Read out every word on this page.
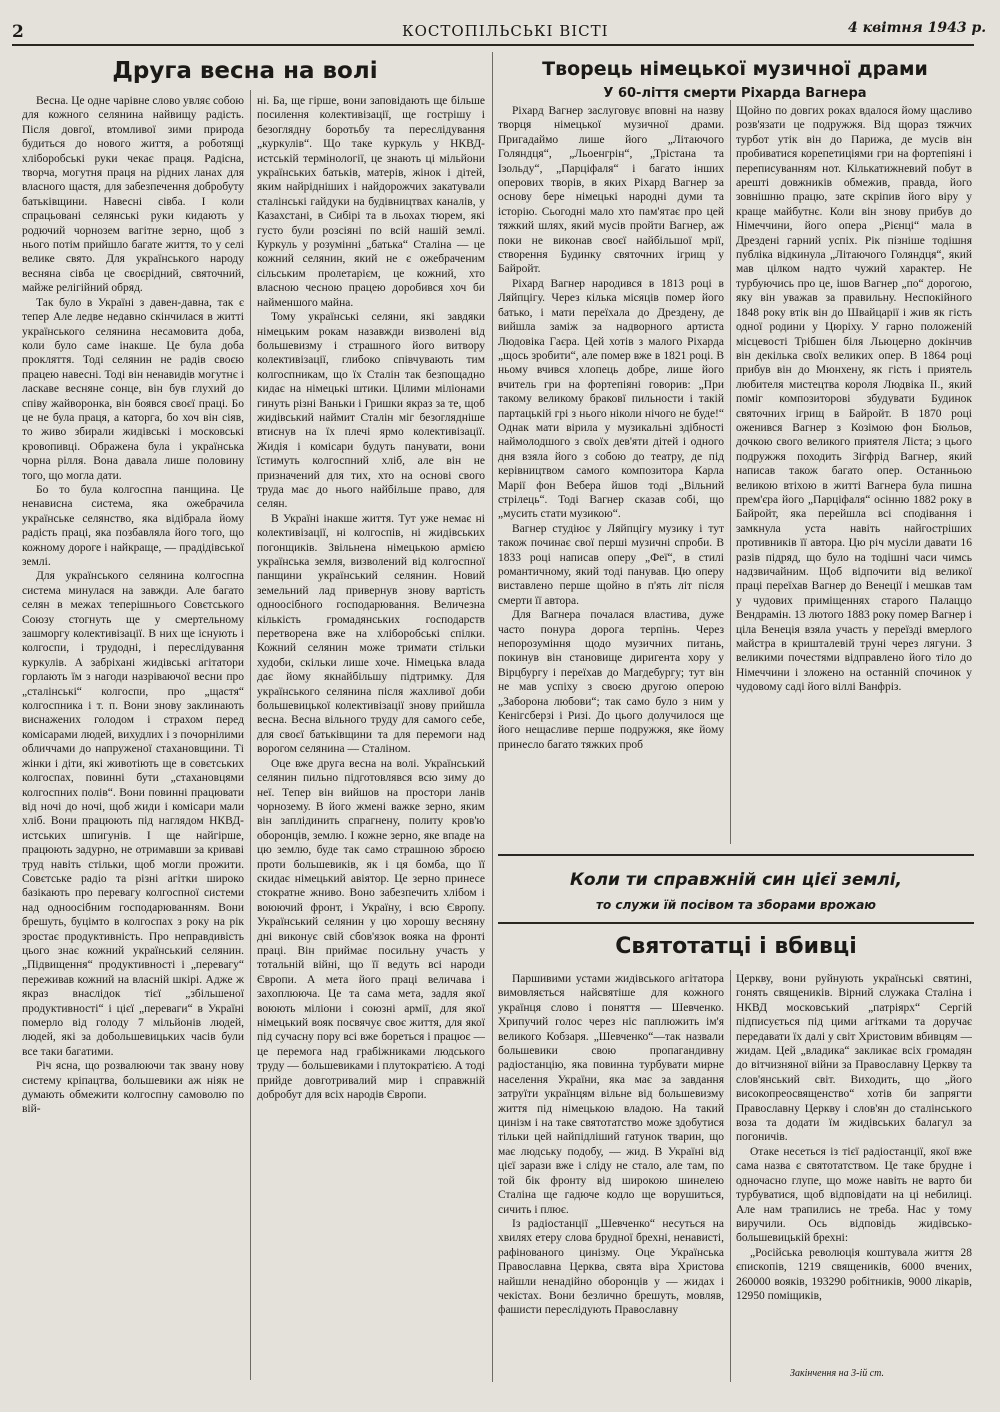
2	КОСТОПІЛЬСЬКІ ВІСТІ	4 квітня 1943 р.
Друга весна на волі

Весна. Це одне чарівне слово увляє собою для кожного селянина найвищу радість. Після довгої, втомливої зими природа будиться до нового життя, а роботящі хліборобські руки чекає праця. Радісна, творча, могутня праця на рідних ланах для власного щастя, для забезпечення добробуту батьківщини. Навесні сівба. І коли спрацьовані селянські руки кидають у родючий чорнозем вагітне зерно, щоб з нього потім прийшло багате життя, то у селі велике свято. Для українського народу весняна сівба це своєрідний, святочний, майже релігійний обряд.

Так було в Україні з давен-давна, так є тепер Але ледве недавно скінчилася в житті українського селянина несамовита доба, коли було саме інакше. Це була доба прокляття. Тоді селянин не радів своєю працею навесні. Тоді він ненавидів могутнє і ласкаве весняне сонце, він був глухий до співу жайворонка, він боявся своєї праці. Бо це не була праця, а каторга, бо хоч він сіяв, то живо збирали жидівські і московські кровопивці. Ображена була і українська чорна рілля. Вона давала лише половину того, що могла дати.

Бо то була колгоспна панщина. Це ненависна система, яка ожебрачила українське селянство, яка відібрала йому радість праці, яка позбавляла його того, що кожному дороге і найкраще, — прадідівської землі.

Для українського селянина колгоспна система минулася на завжди. Але багато селян в межах теперішнього Совєтського Союзу стогнуть ще у смертельному зашморгу колективізації. В них ще існують і колгоспи, і трудодні, і переслідування куркулів. А забріхані жидівські агітатори горлають їм з нагоди назріваючої весни про „сталінські“ колгоспи, про „щастя“ колгоспника і т. п. Вони знову заклинають виснажених голодом і страхом перед комісарами людей, вихудлих і з почорнілими обличчами до напруженої стахановщини. Ті жінки і діти, які животіють ще в совєтських колгоспах, повинні бути „стахановцями колгоспних полів“. Вони повинні працювати від ночі до ночі, щоб жиди і комісари мали хліб. Вони працюють під наглядом НКВД-истських шпигунів. І ще найгірше, працюють задурно, не отримавши за криваві труд навіть стільки, щоб могли прожити. Совєтське радіо та різні агітки широко базікають про перевагу колгоспної системи над одноосібним господарюванням. Вони брешуть, буцімто в колгоспах з року на рік зростає продуктивність. Про неправдивість цього знає кожний український селянин. „Підвищення“ продуктивності і „перевагу“ переживав кожний на власній шкірі. Адже ж якраз внаслідок тієї „збільшеної продуктивності“ і цієї „переваги“ в Україні померло від голоду 7 мільйонів людей, людей, які за добольшевицьких часів були все таки багатими.

Річ ясна, що розвалюючи так звану нову систему кріпацтва, большевики аж ніяк не думають обмежити колгоспну самоволю по вій-

ні. Ба, ще гірше, вони заповідають ще більше посилення колективізації, ще гострішу і безоглядну боротьбу та переслідування „куркулів“. Що таке куркуль у НКВД-истській термінології, це знають ці мільйони українських батьків, матерів, жінок і дітей, яким найрідніших і найдорожчих закатували сталінські гайдуки на будівництвах каналів, у Казахстані, в Сибірі та в льохах тюрем, які густо були розсіяні по всій нашій землі. Куркуль у розумінні „батька“ Сталіна — це кожний селянин, який не є ожебраченим сільським пролетарієм, це кожний, хто власною чесною працею доробився хоч би найменшого майна.

Тому українські селяни, які завдяки німецьким рокам назавжди визволені від большевизму і страшного його витвору колективізації, глибоко співчувають тим колгоспникам, що їх Сталін так безпощадно кидає на німецькі штики. Цілими міліонами гинуть різні Ваньки і Гришки якраз за те, щоб жидівський наймит Сталін міг безоглядніше втиснув на їх плечі ярмо колективізації. Жидія і комісари будуть панувати, вони їстимуть колгоспний хліб, але він не призначений для тих, хто на основі свого труда має до нього найбільше право, для селян.

В Україні інакше життя. Тут уже немає ні колективізації, ні колгоспів, ні жидівських погонщиків. Звільнена німецькою армією українська земля, визволений від колгоспної панщини український селянин. Новий земельний лад привернув знову вартість одноосібного господарювання. Величезна кількість громадянських господарств перетворена вже на хліборобські спілки. Кожний селянин може тримати стільки худоби, скільки лише хоче. Німецька влада дає йому якнайбільшу підтримку. Для українського селянина після жахливої доби большевицької колективізації знову прийшла весна. Весна вільного труду для самого себе, для своєї батьківщини та для перемоги над ворогом селянина — Сталіном.

Оце вже друга весна на волі. Український селянин пильно підготовлявся всю зиму до неї. Тепер він вийшов на простори ланів чорнозему. В його жмені важке зерно, яким він заплідинить спрагнену, политу кров'ю оборонців, землю. І кожне зерно, яке впаде на цю землю, буде так само страшною зброєю проти большевиків, як і ця бомба, що її скидає німецький авіятор. Це зерно принесе стократне жниво. Воно забезпечить хлібом і воюючий фронт, і Україну, і всю Європу. Український селянин у цю хорошу весняну днi виконує свій сбов'язок вояка на фронті праці. Він приймає посильну участь у тотальній війні, що її ведуть всі народи Європи. А мета його праці величава і захоплююча. Це та сама мета, задля якої воюють міліони і союзні армії, для якої німецький вояк посвячує своє життя, для якої під сучасну пору всі вже бореться і працює — це перемога над грабіжниками людського труду — большевиками і плутократією. А тоді прийде довготривалий мир і справжній добробут для всіх народів Європи.

Творець німецької музичної драми
У 60-ліття смерти Ріхарда Вагнера

Ріхард Вагнер заслуговує вповні на назву творця німецької музичної драми. Пригадаймо лише його „Літаючого Голяндця“, „Льоенгрін“, „Трістана та Ізольду“, „Парціфаля“ і багато інших оперових творів, в яких Ріхард Вагнер за основу бере німецькі народні думи та історію. Сьогодні мало хто пам'ятає про цей тяжкий шлях, який мусів пройти Вагнер, аж поки не виконав своєї найбільшої мрії, створення Будинку святочних ігрищ у Байройт.

Ріхард Вагнер народився в 1813 році в Ляйпцігу. Через кілька місяців помер його батько, і мати переїхала до Дрездену, де вийшла заміж за надворного артиста Людовіка Гаєра. Цей хотів з малого Ріхарда „щось зробити“, але помер вже в 1821 році. В ньому вчився хлопець добре, лише його вчитель гри на фортепіяні говорив: „При такому великому браковї пильности і такій партацькій грі з нього ніколи нічого не буде!“ Однак мати вірила у музикальні здібності наймолодшого з своїх дев'яти дітей і одного дня взяла його з собою до театру, де під керівництвом самого композитора Карла Марії фон Вебера йшов тоді „Вільний стрілець“. Тоді Вагнер сказав собі, що „мусить стати музикою“.

Вагнер студіює у Ляйпцігу музику і тут також починає свої перші музичні спроби. В 1833 році написав оперу „Феї“, в стилі романтичному, який тоді панував. Цю оперу виставлено перше щойно в п'ять літ після смерти її автора.

Для Вагнера почалася властива, дуже часто понура дорога терпінь. Через непорозуміння щодо музичних питань, покинув він становище диригента хору у Вірцбургу і переїхав до Магдебургу; тут він не мав успіху з своєю другою оперою „Заборона любови“; так само було з ним у Кенігсберзі і Ризі. До цього долучилося ще його нещасливе перше подружжя, яке йому принесло багато тяжких проб

Щойно по довгих роках вдалося йому щасливо розв'язати це подружжя. Від щораз тяжчих турбот утік він до Парижа, де мусів він пробиватися корепетиціями гри на фортепіяні і переписуванням нот. Кількатижневий побут в арешті довжників обмежив, правда, його зовнішню працю, зате скріпив його віру у краще майбутнє. Коли він знову прибув до Німеччини, його опера „Рієнці“ мала в Дрездені гарний успіх. Рік пізніше тодішня публіка відкинула „Літаючого Голяндця“, який мав цілком надто чужий характер. Не турбуючись про це, ішов Вагнер „по“ дорогою, яку він уважав за правильну. Неспокійного 1848 року втік він до Швайцарії і жив як гість одної родини у Цюріху. У гарно положеній місцевості Трібшен біля Льюцерно докінчив він декілька своїх великих опер. В 1864 році прибув він до Мюнхену, як гість і приятель любителя мистецтва короля Людвіка II., який поміг композиторові збудувати Будинок святочних ігрищ в Байройт. В 1870 році оженився Вагнер з Козімою фон Бюльов, дочкою свого великого приятеля Ліста; з цього подружжя походить Зігфрід Вагнер, який написав також багато опер. Останньою великою втіхою в житті Вагнера була пишна прем'єра його „Парціфаля“ осінню 1882 року в Байройт, яка перейшла всі сподівання і замкнула уста навіть найгостріших противників її автора. Цю річ мусіли давати 16 разів підряд, що було на тодішні часи чимсь надзвичайним. Щоб відпочити від великої праці переїхав Вагнер до Венеції і мешкав там у чудових приміщеннях старого Палаццо Вендрамін. 13 лютого 1883 року помер Вагнер і ціла Венеція взяла участь у переїзді вмерлого майстра в кришталевій труні через лягуни. З великими почестями відправлено його тіло до Німеччини і зложено на останній спочинок у чудовому саді його віллі Ванфріз.

Коли ти справжній син цієї землі,
то служи їй посівом та зборами врожаю
Святотатці і вбивці

Паршивими устами жидівського агітатора вимовляється найсвятіше для кожного українця слово і поняття — Шевченко. Хрипучий голос через ніс паплюжить ім'я великого Кобзаря. „Шевченко“—так назвали большевики свою пропагандивну радіостанцію, яка повинна турбувати мирне населення України, яка має за завдання затруїти українцям вільне від большевизму життя під німецькою владою. На такий цинізм і на таке святотатство може здобутися тільки цей найпідліший гатунок тварин, що має людську подобу, — жид. В Україні від цієї зарази вже і сліду не стало, але там, по той бік фронту від широкою шинелею Сталіна ще гадюче кодло ще ворушиться, сичить і плює.

Із радіостанції „Шевченко“ несуться на хвилях етеру слова брудної брехні, ненависті, рафінованого цинізму. Оце Українська Православна Церква, свята віра Христова найшли ненадійно оборонців у — жидах і чекістах. Вони безлично брешуть, мовляв, фашисти переслідують Православну

Церкву, вони руйнують українські святині, гонять священиків. Вірний служака Сталіна і НКВД московський „патріярх“ Сергій підписується під цими агітками та доручає передавати їх далі у світ Христовим вбивцям — жидам. Цей „владика“ закликає всіх громадян до вітчизняної війни за Православну Церкву та слов'янський світ. Виходить, що „його високопреосвященство“ хотів би запрягти Православну Церкву і слов'ян до сталінського воза та додати їм жидівських балагул за погоничів.

Отаке несеться із тієї радіостанції, якої вже сама назва є святотатством. Це таке брудне і одночасно глупе, що може навіть не варто би турбуватися, щоб відповідати на ці небилиці. Але нам трапились не треба. Нас у тому виручили. Ось відповідь жидівсько-большевицькій брехні:

„Російська революція коштувала життя 28 єпископів, 1219 священиків, 6000 вчених, 260000 вояків, 193290 робітників, 9000 лікарів, 12950 поміщиків,

Закінчення на 3-ій ст.
